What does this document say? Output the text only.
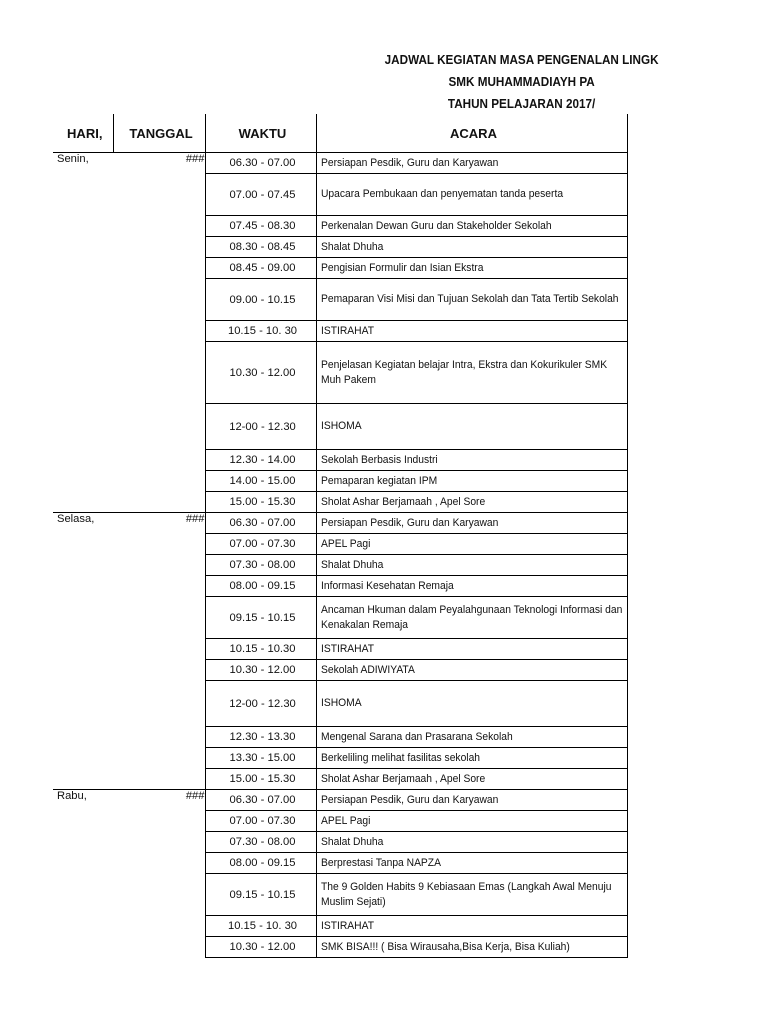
JADWAL KEGIATAN MASA PENGENALAN LINGK
SMK MUHAMMADIAYH PA
TAHUN PELAJARAN 2017/
HARI,	TANGGAL	WAKTU	ACARA
Senin,	###	06.30 - 07.00	Persiapan Pesdik, Guru dan Karyawan

		07.00 - 07.45	Upacara Pembukaan dan penyematan tanda peserta

		07.45 - 08.30	Perkenalan Dewan Guru dan Stakeholder Sekolah

		08.30 - 08.45	Shalat Dhuha

		08.45 - 09.00	Pengisian Formulir dan Isian Ekstra

		09.00 - 10.15	Pemaparan Visi Misi dan Tujuan Sekolah dan Tata Tertib Sekolah

		10.15 - 10. 30	ISTIRAHAT

		10.30 - 12.00	Penjelasan Kegiatan belajar Intra, Ekstra dan Kokurikuler SMK Muh Pakem

		12-00 - 12.30	ISHOMA

		12.30 - 14.00	Sekolah Berbasis Industri

		14.00 - 15.00	Pemaparan kegiatan IPM

		15.00 - 15.30	Sholat Ashar Berjamaah , Apel Sore

Selasa,	###	06.30 - 07.00	Persiapan Pesdik, Guru dan Karyawan

		07.00 - 07.30	APEL Pagi

		07.30 - 08.00	Shalat Dhuha

		08.00 - 09.15	Informasi Kesehatan Remaja

		09.15 - 10.15	Ancaman Hkuman dalam Peyalahgunaan Teknologi Informasi dan Kenakalan Remaja

		10.15 - 10.30	ISTIRAHAT

		10.30 - 12.00	Sekolah ADIWIYATA

		12-00 - 12.30	ISHOMA

		12.30 - 13.30	Mengenal Sarana dan Prasarana Sekolah

		13.30 - 15.00	Berkeliling melihat fasilitas sekolah

		15.00 - 15.30	Sholat Ashar Berjamaah , Apel Sore

Rabu,	###	06.30 - 07.00	Persiapan Pesdik, Guru dan Karyawan

		07.00 - 07.30	APEL Pagi

		07.30 - 08.00	Shalat Dhuha

		08.00 - 09.15	Berprestasi Tanpa NAPZA

		09.15 - 10.15	The 9 Golden Habits 9 Kebiasaan Emas (Langkah Awal Menuju Muslim Sejati)

		10.15 - 10. 30	ISTIRAHAT

		10.30 - 12.00	SMK BISA!!! ( Bisa Wirausaha,Bisa Kerja, Bisa Kuliah)
